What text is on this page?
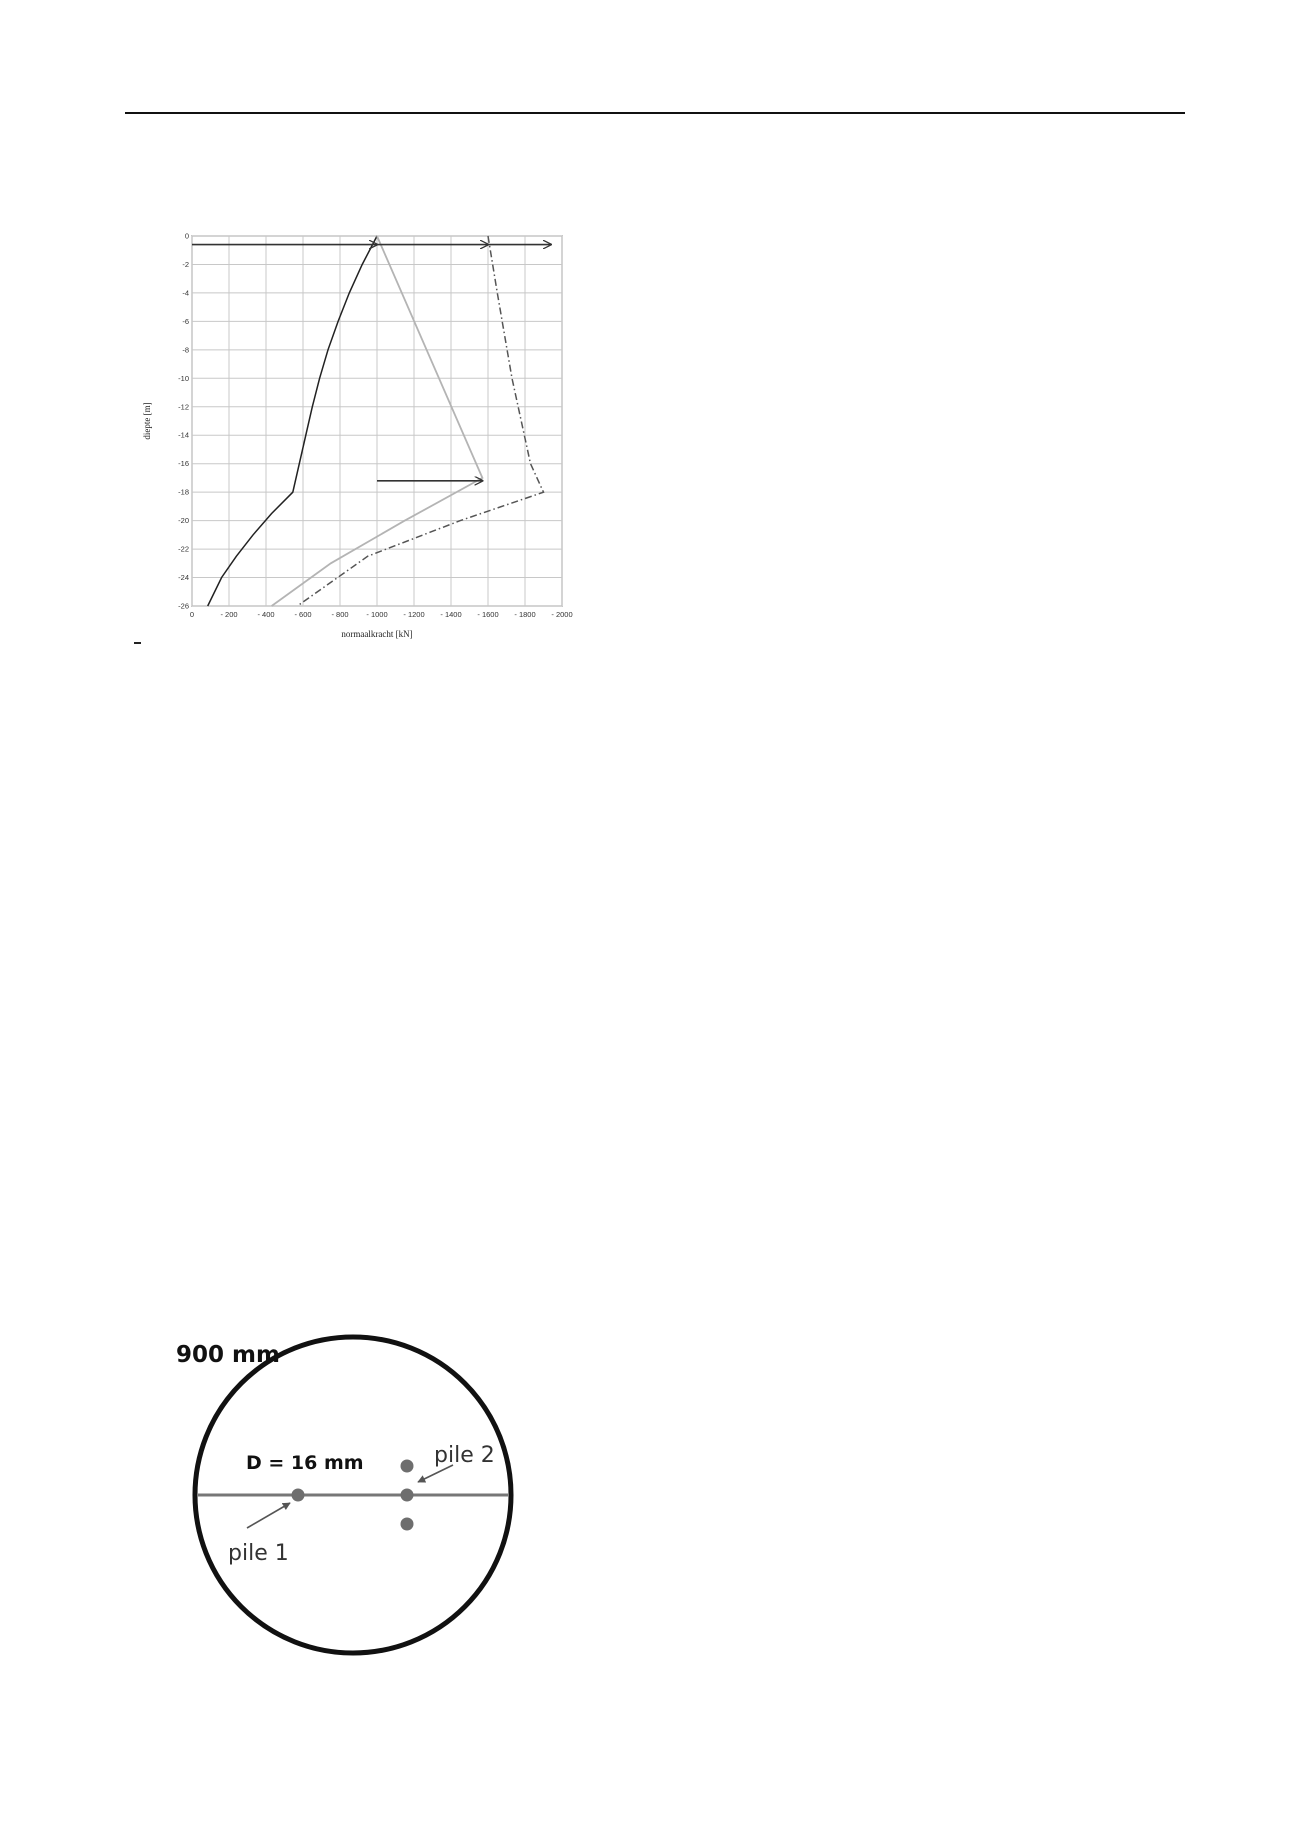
0	- 200	- 400	- 600	- 800 - 1000 - 1200 - 1400 - 1600 - 1800 - 2000
0
-2
-4
-6
-8
-10
-12
-14
-16
-18
-20
-22
-24
-26
normaalkracht [kN]
diepte [m]
900 mm
D = 16 mm
pile 1
pile 2
